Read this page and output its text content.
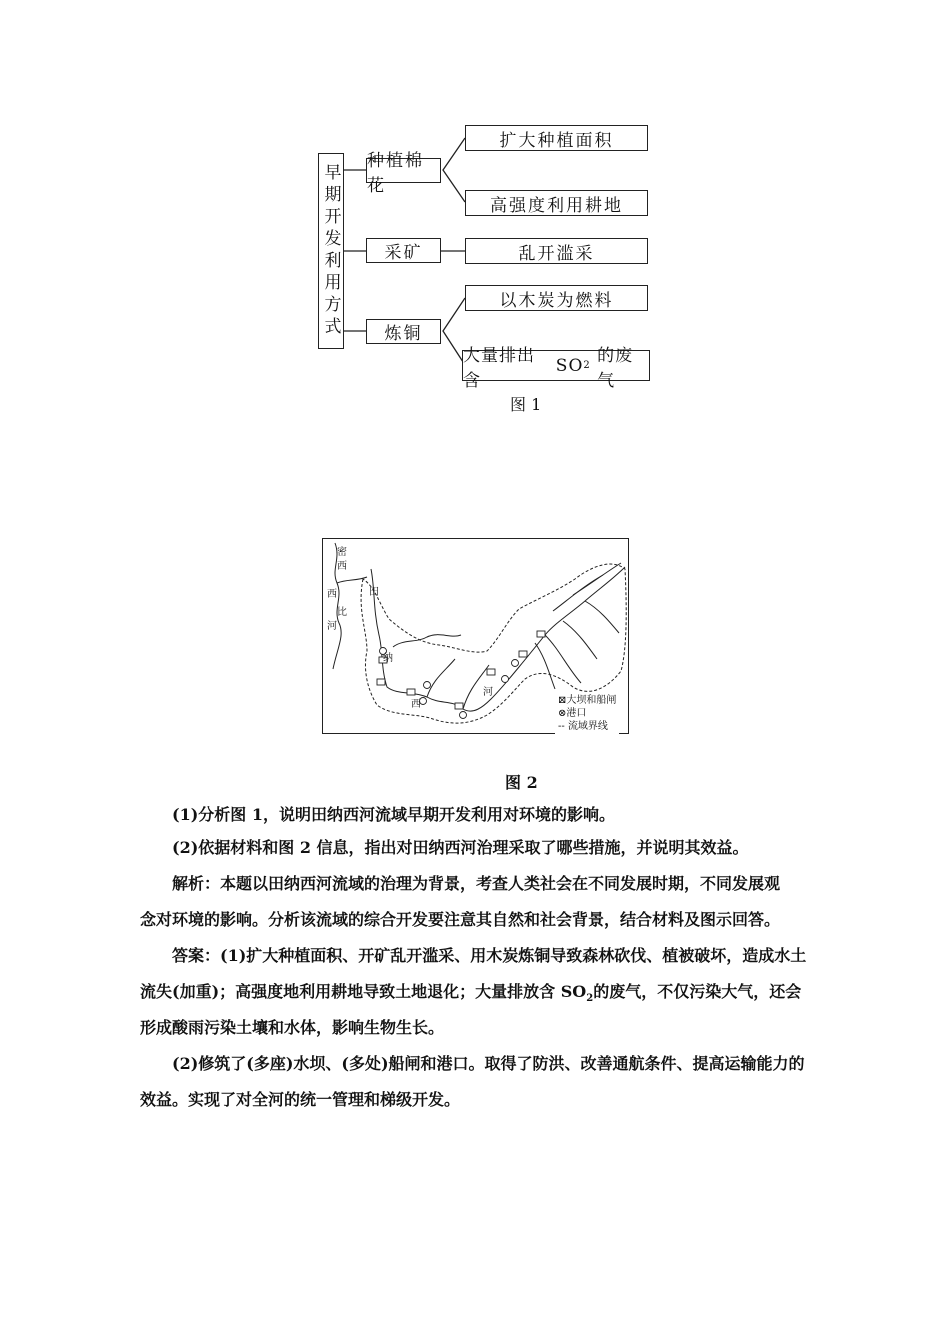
早期开发利用方式
种植棉花
采矿
炼铜
扩大种植面积
高强度利用耕地
乱开滥采
以木炭为燃料
大量排出含

SO 2
的废气
图 1
密
西
西
比
河
田
纳
西
河
⊠大坝和船闸
⊗港口
-- 流域界线
图 2
(1)分析图 1，说明田纳西河流域早期开发利用对环境的影响。
(2)依据材料和图 2 信息，指出对田纳西河治理采取了哪些措施，并说明其效益。
解析：本题以田纳西河流域的治理为背景，考查人类社会在不同发展时期，不同发展观
念对环境的影响。分析该流域的综合开发要注意其自然和社会背景，结合材料及图示回答。
答案：(1)扩大种植面积、开矿乱开滥采、用木炭炼铜导致森林砍伐、植被破坏，造成水土
流失(加重)；高强度地利用耕地导致土地退化；大量排放含 $SO_2$的废气，不仅污染大气，还会
形成酸雨污染土壤和水体，影响生物生长。
(2)修筑了(多座)水坝、(多处)船闸和港口。取得了防洪、改善通航条件、提高运输能力的
效益。实现了对全河的统一管理和梯级开发。
